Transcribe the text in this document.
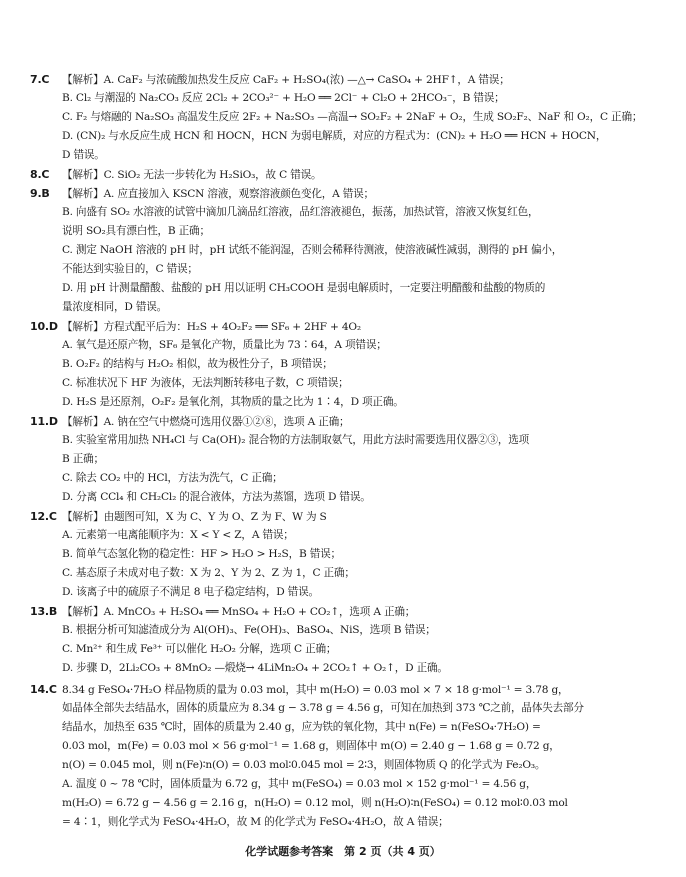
7.C 【解析】A. CaF₂ 与浓硫酸加热发生反应 CaF₂ + H₂SO₄(浓) —△→ CaSO₄ + 2HF↑，A 错误；
B. Cl₂ 与潮湿的 Na₂CO₃ 反应 2Cl₂ + 2CO₃²⁻ + H₂O ══ 2Cl⁻ + Cl₂O + 2HCO₃⁻，B 错误；
C. F₂ 与熔融的 Na₂SO₃ 高温发生反应 2F₂ + Na₂SO₃ —高温→ SO₂F₂ + 2NaF + O₂，生成 SO₂F₂、NaF 和 O₂，C 正确；
D. (CN)₂ 与水反应生成 HCN 和 HOCN，HCN 为弱电解质，对应的方程式为：(CN)₂ + H₂O ══ HCN + HOCN，
D 错误。
8.C 【解析】C. SiO₂ 无法一步转化为 H₂SiO₃，故 C 错误。
9.B 【解析】A. 应直接加入 KSCN 溶液，观察溶液颜色变化，A 错误；
B. 向盛有 SO₂ 水溶液的试管中滴加几滴品红溶液，品红溶液褪色，振荡，加热试管，溶液又恢复红色，
说明 SO₂具有漂白性，B 正确；
C. 测定 NaOH 溶液的 pH 时，pH 试纸不能润湿，否则会稀释待测液，使溶液碱性减弱，测得的 pH 偏小，
不能达到实验目的，C 错误；
D. 用 pH 计测量醋酸、盐酸的 pH 用以证明 CH₃COOH 是弱电解质时，一定要注明醋酸和盐酸的物质的
量浓度相同，D 错误。
10.D 【解析】方程式配平后为：H₂S + 4O₂F₂ ══ SF₆ + 2HF + 4O₂
A. 氧气是还原产物，SF₆ 是氧化产物，质量比为 73∶64，A 项错误；
B. O₂F₂ 的结构与 H₂O₂ 相似，故为极性分子，B 项错误；
C. 标准状况下 HF 为液体，无法判断转移电子数，C 项错误；
D. H₂S 是还原剂，O₂F₂ 是氧化剂，其物质的量之比为 1∶4，D 项正确。
11.D 【解析】A. 钠在空气中燃烧可选用仪器①②⑧，选项 A 正确；
B. 实验室常用加热 NH₄Cl 与 Ca(OH)₂ 混合物的方法制取氨气，用此方法时需要选用仪器②③，选项
B 正确；
C. 除去 CO₂ 中的 HCl，方法为洗气，C 正确；
D. 分离 CCl₄ 和 CH₂Cl₂ 的混合液体，方法为蒸馏，选项 D 错误。
12.C 【解析】由题图可知，X 为 C、Y 为 O、Z 为 F、W 为 S
A. 元素第一电离能顺序为：X < Y < Z，A 错误；
B. 简单气态氢化物的稳定性：HF > H₂O > H₂S，B 错误；
C. 基态原子未成对电子数：X 为 2、Y 为 2、Z 为 1，C 正确；
D. 该离子中的硫原子不满足 8 电子稳定结构，D 错误。
13.B 【解析】A. MnCO₃ + H₂SO₄ ══ MnSO₄ + H₂O + CO₂↑，选项 A 正确；
B. 根据分析可知滤渣成分为 Al(OH)₃、Fe(OH)₃、BaSO₄、NiS，选项 B 错误；
C. Mn²⁺ 和生成 Fe³⁺ 可以催化 H₂O₂ 分解，选项 C 正确；
D. 步骤 D，2Li₂CO₃ + 8MnO₂ —煅烧→ 4LiMn₂O₄ + 2CO₂↑ + O₂↑，D 正确。
14.C 8.34 g FeSO₄·7H₂O 样品物质的量为 0.03 mol，其中 m(H₂O) = 0.03 mol × 7 × 18 g·mol⁻¹ = 3.78 g，
如晶体全部失去结晶水，固体的质量应为 8.34 g − 3.78 g = 4.56 g，可知在加热到 373 ℃之前，晶体失去部分
结晶水，加热至 635 ℃时，固体的质量为 2.40 g，应为铁的氧化物，其中 n(Fe) = n(FeSO₄·7H₂O) =
0.03 mol，m(Fe) = 0.03 mol × 56 g·mol⁻¹ = 1.68 g，则固体中 m(O) = 2.40 g − 1.68 g = 0.72 g，
n(O) = 0.045 mol，则 n(Fe)∶n(O) = 0.03 mol∶0.045 mol = 2∶3，则固体物质 Q 的化学式为 Fe₂O₃。
A. 温度 0 ~ 78 ℃时，固体质量为 6.72 g，其中 m(FeSO₄) = 0.03 mol × 152 g·mol⁻¹ = 4.56 g，
m(H₂O) = 6.72 g − 4.56 g = 2.16 g，n(H₂O) = 0.12 mol，则 n(H₂O)∶n(FeSO₄) = 0.12 mol∶0.03 mol
= 4∶1，则化学式为 FeSO₄·4H₂O，故 M 的化学式为 FeSO₄·4H₂O，故 A 错误；
化学试题参考答案　第 2 页（共 4 页）
